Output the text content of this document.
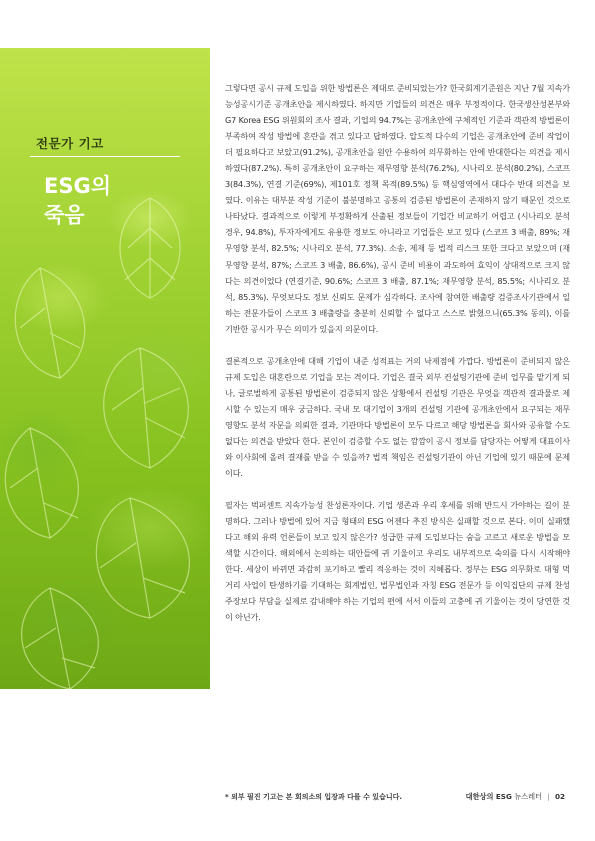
전문가 기고
ESG의
죽음

그렇다면 공시 규제 도입을 위한 방법론은 제대로 준비되었는가? 한국회계기준원은 지난 7월 지속가능성공시기준 공개초안을 제시하였다. 하지만 기업들의 의견은 매우 부정적이다. 한국생산성본부와 G7 Korea ESG 위원회의 조사 결과, 기업의 94.7%는 공개초안에 구체적인 기준과 객관적 방법론이 부족하여 작성 방법에 혼란을 겪고 있다고 답하였다. 압도적 다수의 기업은 공개초안에 준비 작업이 더 필요하다고 보았고(91.2%), 공개초안을 원안 수용하여 의무화하는 안에 반대한다는 의견을 제시하였다(87.2%). 특히 공개초안이 요구하는 재무영향 분석(76.2%), 시나리오 분석(80.2%), 스코프 3(84.3%), 연결 기준(69%), 제101호 정책 목적(89.5%) 등 핵심영역에서 대다수 반대 의견을 보였다. 이유는 대부분 작성 기준이 불분명하고 공통의 검증된 방법론이 존재하지 않기 때문인 것으로 나타났다. 결과적으로 이렇게 부정확하게 산출된 정보들이 기업간 비교하기 어렵고 (시나리오 분석 경우, 94.8%), 투자자에게도 유용한 정보도 아니라고 기업들은 보고 있다 (스코프 3 배출, 89%; 재무영향 분석, 82.5%; 시나리오 분석, 77.3%). 소송, 제재 등 법적 리스크 또한 크다고 보았으며 (재무영향 분석, 87%; 스코프 3 배출, 86.6%), 공시 준비 비용이 과도하여 효익이 상대적으로 크지 않다는 의견이었다 (연결기준, 90.6%; 스코프 3 배출, 87.1%; 재무영향 분석, 85.5%; 시나리오 분석, 85.3%). 무엇보다도 정보 신뢰도 문제가 심각하다. 조사에 참여한 배출량 검증조사기관에서 일하는 전문가들이 스코프 3 배출량을 충분히 신뢰할 수 없다고 스스로 밝혔으니(65.3% 동의), 이를 기반한 공시가 무슨 의미가 있을지 의문이다.

결론적으로 공개초안에 대해 기업이 내준 성적표는 거의 낙제점에 가깝다. 방법론이 준비되지 않은 규제 도입은 대혼란으로 기업을 모는 격이다. 기업은 결국 외부 컨설팅기관에 준비 업무를 맡기게 되나, 글로벌하게 공통된 방법론이 검증되지 않은 상황에서 컨설팅 기관은 무엇을 객관적 결과물로 제시할 수 있는지 매우 궁금하다. 국내 모 대기업이 3개의 컨설팅 기관에 공개초안에서 요구되는 재무영향도 분석 자문을 의뢰한 결과, 기관마다 방법론이 모두 다르고 해당 방법론을 회사와 공유할 수도 없다는 의견을 받았다 한다. 본인이 검증할 수도 없는 깜깜이 공시 정보를 담당자는 어떻게 대표이사와 이사회에 올려 결재를 받을 수 있을까? 법적 책임은 컨설팅기관이 아닌 기업에 있기 때문에 문제이다.

필자는 벅퍼센트 지속가능성 찬성론자이다. 기업 생존과 우리 후세를 위해 반드시 가야하는 길이 분명하다. 그러나 방법에 있어 지금 형태의 ESG 어젠다 추진 방식은 실패할 것으로 본다. 이미 실패했다고 해외 유력 언론들이 보고 있지 않은가? 성급한 규제 도입보다는 숨을 고르고 새로운 방법을 모색할 시간이다. 해외에서 논의하는 대안들에 귀 기울이고 우리도 내부적으로 숙의를 다시 시작해야 한다. 세상이 바뀌면 과감히 포기하고 빨리 적응하는 것이 지혜롭다. 정부는 ESG 의무화로 대형 먹거리 사업이 탄생하기를 기대하는 회계법인, 법무법인과 자칭 ESG 전문가 등 이익집단의 규제 찬성 주장보다 부담을 실제로 감내해야 하는 기업의 편에 서서 이들의 고충에 귀 기울이는 것이 당연한 것이 아닌가.

* 외부 필진 기고는 본 회의소의 입장과 다를 수 있습니다.	대한상의 ESG 뉴스레터 | 02
